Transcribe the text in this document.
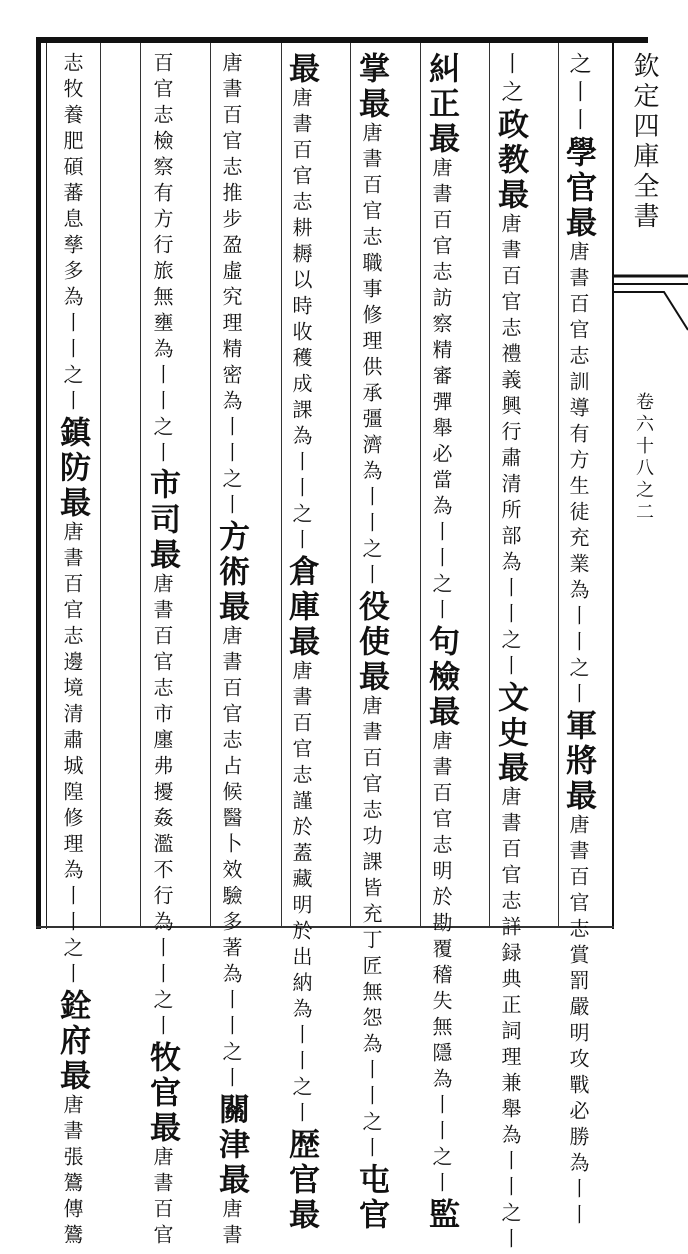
欽定四庫全書
卷六十八之二
之丨丨學官最唐書百官志訓導有方生徒充業為丨丨之丨軍將最唐書百官志賞罰嚴明攻戰必勝為丨丨
丨之政教最唐書百官志禮義興行肅清所部為丨丨之丨文史最唐書百官志詳録典正詞理兼舉為丨丨之丨
糾正最唐書百官志訪察精審彈舉必當為丨丨之丨句檢最唐書百官志明於勘覆稽失無隱為丨丨之丨監
掌最唐書百官志職事修理供承彊濟為丨丨之丨役使最唐書百官志功課皆充丁匠無怨為丨丨之丨屯官
最唐書百官志耕耨以時收穫成課為丨丨之丨倉庫最唐書百官志謹於蓋藏明於出納為丨丨之丨歴官最
唐書百官志推步盈虛究理精密為丨丨之丨方術最唐書百官志占候醫卜效驗多著為丨丨之丨關津最唐書
百官志檢察有方行旅無壅為丨丨之丨市司最唐書百官志市廛弗擾姦濫不行為丨丨之丨牧官最唐書百官
志牧養肥碩蕃息孳多為丨丨之丨鎮防最唐書百官志邊境清肅城隍修理為丨丨之丨銓府最唐書張鷟傳鷟
